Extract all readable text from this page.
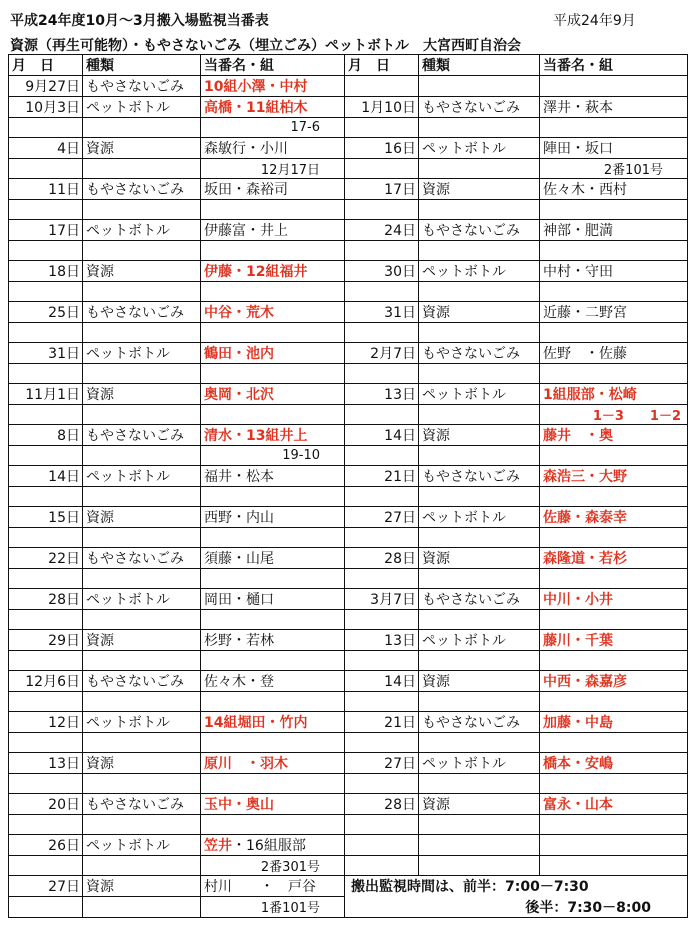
平成24年度10月～3月搬入場監視当番表	平成24年9月
資源（再生可能物）・もやさないごみ（埋立ごみ）ペットボトル　大宮西町自治会
月　日	種類	当番名・組	月　日	種類	当番名・組
9月27日	もやさないごみ	10組小澤・中村			
10月3日	ペットボトル	高橋・11組柏木	1月10日	もやさないごみ	澤井・萩本
		17-6			
4日	資源	森敏行・小川	16日	ペットボトル	陣田・坂口
		12月17日			2番101号
11日	もやさないごみ	坂田・森裕司	17日	資源	佐々木・西村

17日	ペットボトル	伊藤富・井上	24日	もやさないごみ	神部・肥満

18日	資源	伊藤・12組福井	30日	ペットボトル	中村・守田

25日	もやさないごみ	中谷・荒木	31日	資源	近藤・二野宮

31日	ペットボトル	鶴田・池内	2月7日	もやさないごみ	佐野　・佐藤

11月1日	資源	奥岡・北沢	13日	ペットボトル	1組服部・松崎
					1－3　　1－2
8日	もやさないごみ	清水・13組井上	14日	資源	藤井　・奥
		19-10			
14日	ペットボトル	福井・松本	21日	もやさないごみ	森浩三・大野

15日	資源	西野・内山	27日	ペットボトル	佐藤・森泰幸

22日	もやさないごみ	須藤・山尾	28日	資源	森隆道・若杉

28日	ペットボトル	岡田・樋口	3月7日	もやさないごみ	中川・小井

29日	資源	杉野・若林	13日	ペットボトル	藤川・千葉

12月6日	もやさないごみ	佐々木・登	14日	資源	中西・森嘉彦

12日	ペットボトル	14組堀田・竹内	21日	もやさないごみ	加藤・中島

13日	資源	原川　・羽木	27日	ペットボトル	橋本・安嶋

20日	もやさないごみ	玉中・奥山	28日	資源	富永・山本

26日	ペットボトル	笠井・16組服部			
		2番301号			
27日	資源	村川　　・　戸谷	搬出監視時間は、前半：7:00－7:30		
		1番101号	後半：7:30－8:00		
